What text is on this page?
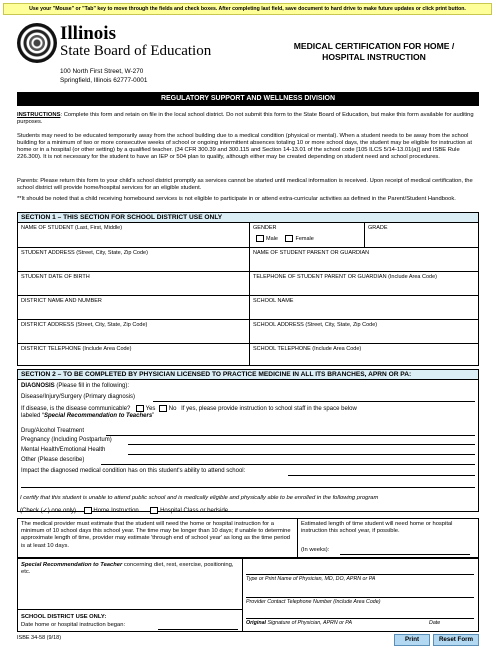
Use your "Mouse" or "Tab" key to move through the fields and check boxes. After completing last field, save document to hard drive to make future updates or click print button.
Illinois
State Board of Education
100 North First Street, W-270
Springfield, Illinois 62777-0001
MEDICAL CERTIFICATION FOR HOME /
HOSPITAL INSTRUCTION
REGULATORY SUPPORT AND WELLNESS DIVISION
INSTRUCTIONS: Complete this form and retain on file in the local school district. Do not submit this form to the State Board of Education, but make this form available for auditing purposes.
Students may need to be educated temporarily away from the school building due to a medical condition (physical or mental). When a student needs to be away from the school building for a minimum of two or more consecutive weeks of school or ongoing intermittent absences totaling 10 or more school days, the student may be eligible for instruction at home or in a hospital (or other setting) by a qualified teacher. (34 CFR 300.39 and 300.115 and Section 14-13.01 of the school code [105 ILCS 5/14-13.01(a)] and ISBE Rule 226.300). It is not necessary for the student to have an IEP or 504 plan to qualify, although either may be created depending on student need and school procedures.
Parents: Please return this form to your child's school district promptly as services cannot be started until medical information is received. Upon receipt of medical certification, the school district will provide home/hospital services for an eligible student.
**It should be noted that a child receiving homebound services is not eligible to participate in or attend extra-curricular activities as defined in the Parent/Student Handbook.
SECTION 1 – THIS SECTION FOR SCHOOL DISTRICT USE ONLY
NAME OF STUDENT (Last, First, Middle)	GENDER
Male	Female
GRADE
STUDENT ADDRESS (Street, City, State, Zip Code)	NAME OF STUDENT PARENT OR GUARDIAN
STUDENT DATE OF BIRTH	TELEPHONE OF STUDENT PARENT OR GUARDIAN (Include Area Code)
DISTRICT NAME AND NUMBER	SCHOOL NAME
DISTRICT ADDRESS (Street, City, State, Zip Code)	SCHOOL ADDRESS (Street, City, State, Zip Code)
DISTRICT TELEPHONE (Include Area Code)	SCHOOL TELEPHONE (Include Area Code)
SECTION 2 – TO BE COMPLETED BY PHYSICIAN LICENSED TO PRACTICE MEDICINE IN ALL ITS BRANCHES, APRN OR PA:
DIAGNOSIS (Please fill in the following):
Disease/Injury/Surgery (Primary diagnosis)
If disease, is the disease communicable?	Yes No If yes, please provide instruction to school staff in the space below
labeled “Special Recommendation to Teachers”
Drug/Alcohol Treatment
Pregnancy (Including Postpartum)
Mental Health/Emotional Health
Other (Please describe)
Impact the diagnosed medical condition has on this student's ability to attend school:
I certify that this student is unable to attend public school and is medically eligible and physically able to be enrolled in the following program
(Check (✓) one only)	Home Instruction	Hospital Class or bedside
The medical provider must estimate that the student will need the home or hospital instruction for a minimum of 10 school days this school year. The time may be longer than 10 days; if unable to determine approximate length of time, provider may estimate 'through end of school year' as long as the time period is at least 10 days.
Estimated length of time student will need home or hospital instruction this school year, if possible.
(In weeks):
Special Recommendation to Teacher concerning diet, rest, exercise, positioning, etc.
SCHOOL DISTRICT USE ONLY:
Date home or hospital instruction began:
Type or Print Name of Physician, MD, DO, APRN or PA
Provider Contact Telephone Number (Include Area Code)
Original Signature of Physician, APRN or PA	Date
ISBE 34-58 (9/18)	Print	Reset Form
